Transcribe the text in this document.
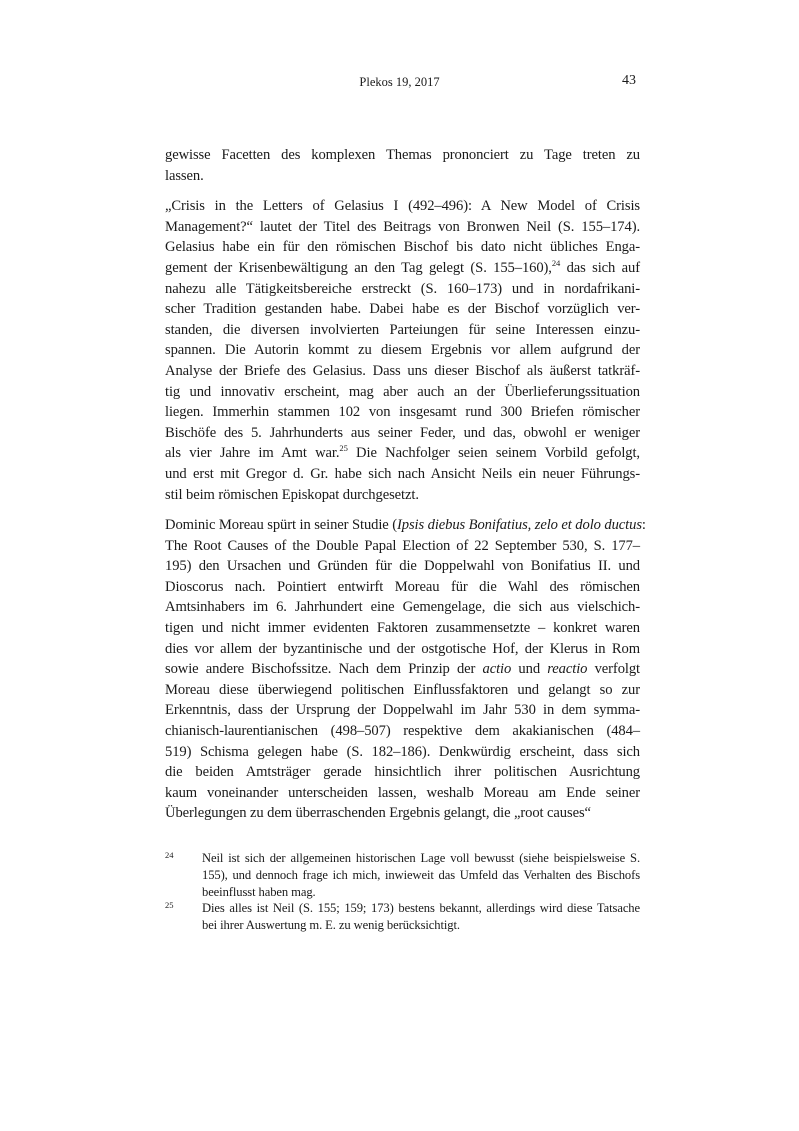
Plekos 19, 2017	43
gewisse Facetten des komplexen Themas prononciert zu Tage treten zu
lassen.
„Crisis in the Letters of Gelasius I (492–496): A New Model of Crisis
Management?“ lautet der Titel des Beitrags von Bronwen Neil (S. 155–174).
Gelasius habe ein für den römischen Bischof bis dato nicht übliches Enga-
gement der Krisenbewältigung an den Tag gelegt (S. 155–160),$^{24}$ das sich auf
nahezu alle Tätigkeitsbereiche erstreckt (S. 160–173) und in nordafrikani-
scher Tradition gestanden habe. Dabei habe es der Bischof vorzüglich ver-
standen, die diversen involvierten Parteiungen für seine Interessen einzu-
spannen. Die Autorin kommt zu diesem Ergebnis vor allem aufgrund der
Analyse der Briefe des Gelasius. Dass uns dieser Bischof als äußerst tatkräf-
tig und innovativ erscheint, mag aber auch an der Überlieferungssituation
liegen. Immerhin stammen 102 von insgesamt rund 300 Briefen römischer
Bischöfe des 5. Jahrhunderts aus seiner Feder, und das, obwohl er weniger
als vier Jahre im Amt war.$^{25}$ Die Nachfolger seien seinem Vorbild gefolgt,
und erst mit Gregor d. Gr. habe sich nach Ansicht Neils ein neuer Führungs-
stil beim römischen Episkopat durchgesetzt.
Dominic Moreau spürt in seiner Studie (Ipsis diebus Bonifatius, zelo et dolo ductus:
The Root Causes of the Double Papal Election of 22 September 530, S. 177–
195) den Ursachen und Gründen für die Doppelwahl von Bonifatius II. und
Dioscorus nach. Pointiert entwirft Moreau für die Wahl des römischen
Amtsinhabers im 6. Jahrhundert eine Gemengelage, die sich aus vielschich-
tigen und nicht immer evidenten Faktoren zusammensetzte – konkret waren
dies vor allem der byzantinische und der ostgotische Hof, der Klerus in Rom
sowie andere Bischofssitze. Nach dem Prinzip der actio und reactio verfolgt
Moreau diese überwiegend politischen Einflussfaktoren und gelangt so zur
Erkenntnis, dass der Ursprung der Doppelwahl im Jahr 530 in dem symma-
chianisch-laurentianischen (498–507) respektive dem akakianischen (484–
519) Schisma gelegen habe (S. 182–186). Denkwürdig erscheint, dass sich
die beiden Amtsträger gerade hinsichtlich ihrer politischen Ausrichtung
kaum voneinander unterscheiden lassen, weshalb Moreau am Ende seiner
Überlegungen zu dem überraschenden Ergebnis gelangt, die „root causes“
24 Neil ist sich der allgemeinen historischen Lage voll bewusst (siehe beispielsweise S.
155), und dennoch frage ich mich, inwieweit das Umfeld das Verhalten des Bischofs
beeinflusst haben mag.
25 Dies alles ist Neil (S. 155; 159; 173) bestens bekannt, allerdings wird diese Tatsache
bei ihrer Auswertung m. E. zu wenig berücksichtigt.
